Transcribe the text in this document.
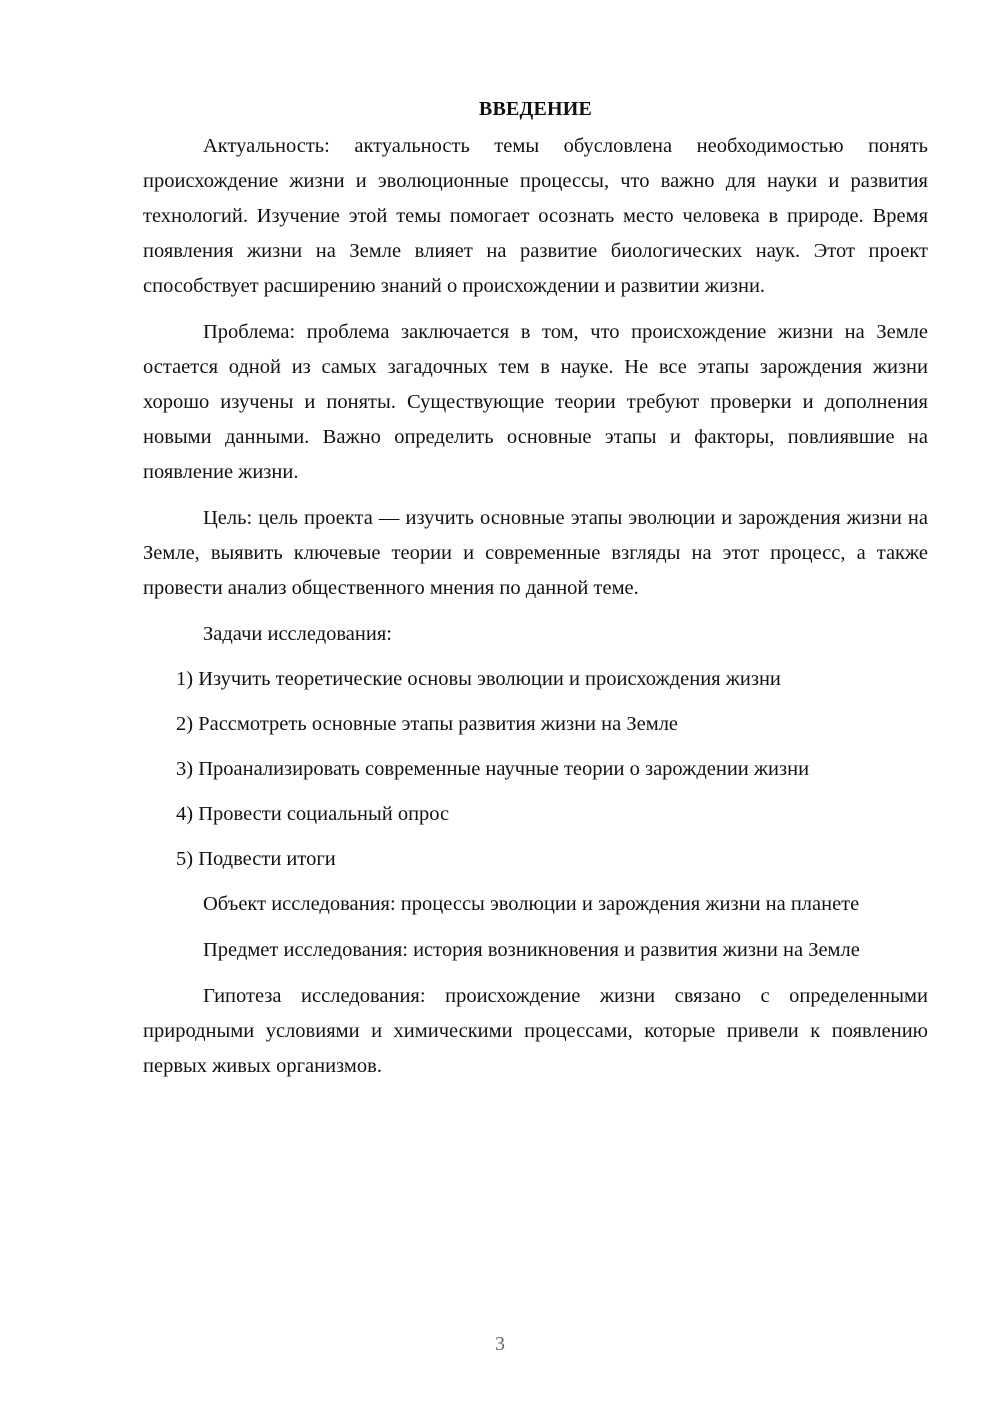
ВВЕДЕНИЕ

Актуальность: актуальность темы обусловлена необходимостью понять происхождение жизни и эволюционные процессы, что важно для науки и развития технологий. Изучение этой темы помогает осознать место человека в природе. Время появления жизни на Земле влияет на развитие биологических наук. Этот проект способствует расширению знаний о происхождении и развитии жизни.

Проблема: проблема заключается в том, что происхождение жизни на Земле остается одной из самых загадочных тем в науке. Не все этапы зарождения жизни хорошо изучены и поняты. Существующие теории требуют проверки и дополнения новыми данными. Важно определить основные этапы и факторы, повлиявшие на появление жизни.

Цель: цель проекта — изучить основные этапы эволюции и зарождения жизни на Земле, выявить ключевые теории и современные взгляды на этот процесс, а также провести анализ общественного мнения по данной теме.

Задачи исследования:

1) Изучить теоретические основы эволюции и происхождения жизни

2) Рассмотреть основные этапы развития жизни на Земле

3) Проанализировать современные научные теории о зарождении жизни

4) Провести социальный опрос

5) Подвести итоги

Объект исследования: процессы эволюции и зарождения жизни на планете

Предмет исследования: история возникновения и развития жизни на Земле

Гипотеза исследования: происхождение жизни связано с определенными природными условиями и химическими процессами, которые привели к появлению первых живых организмов.

3
